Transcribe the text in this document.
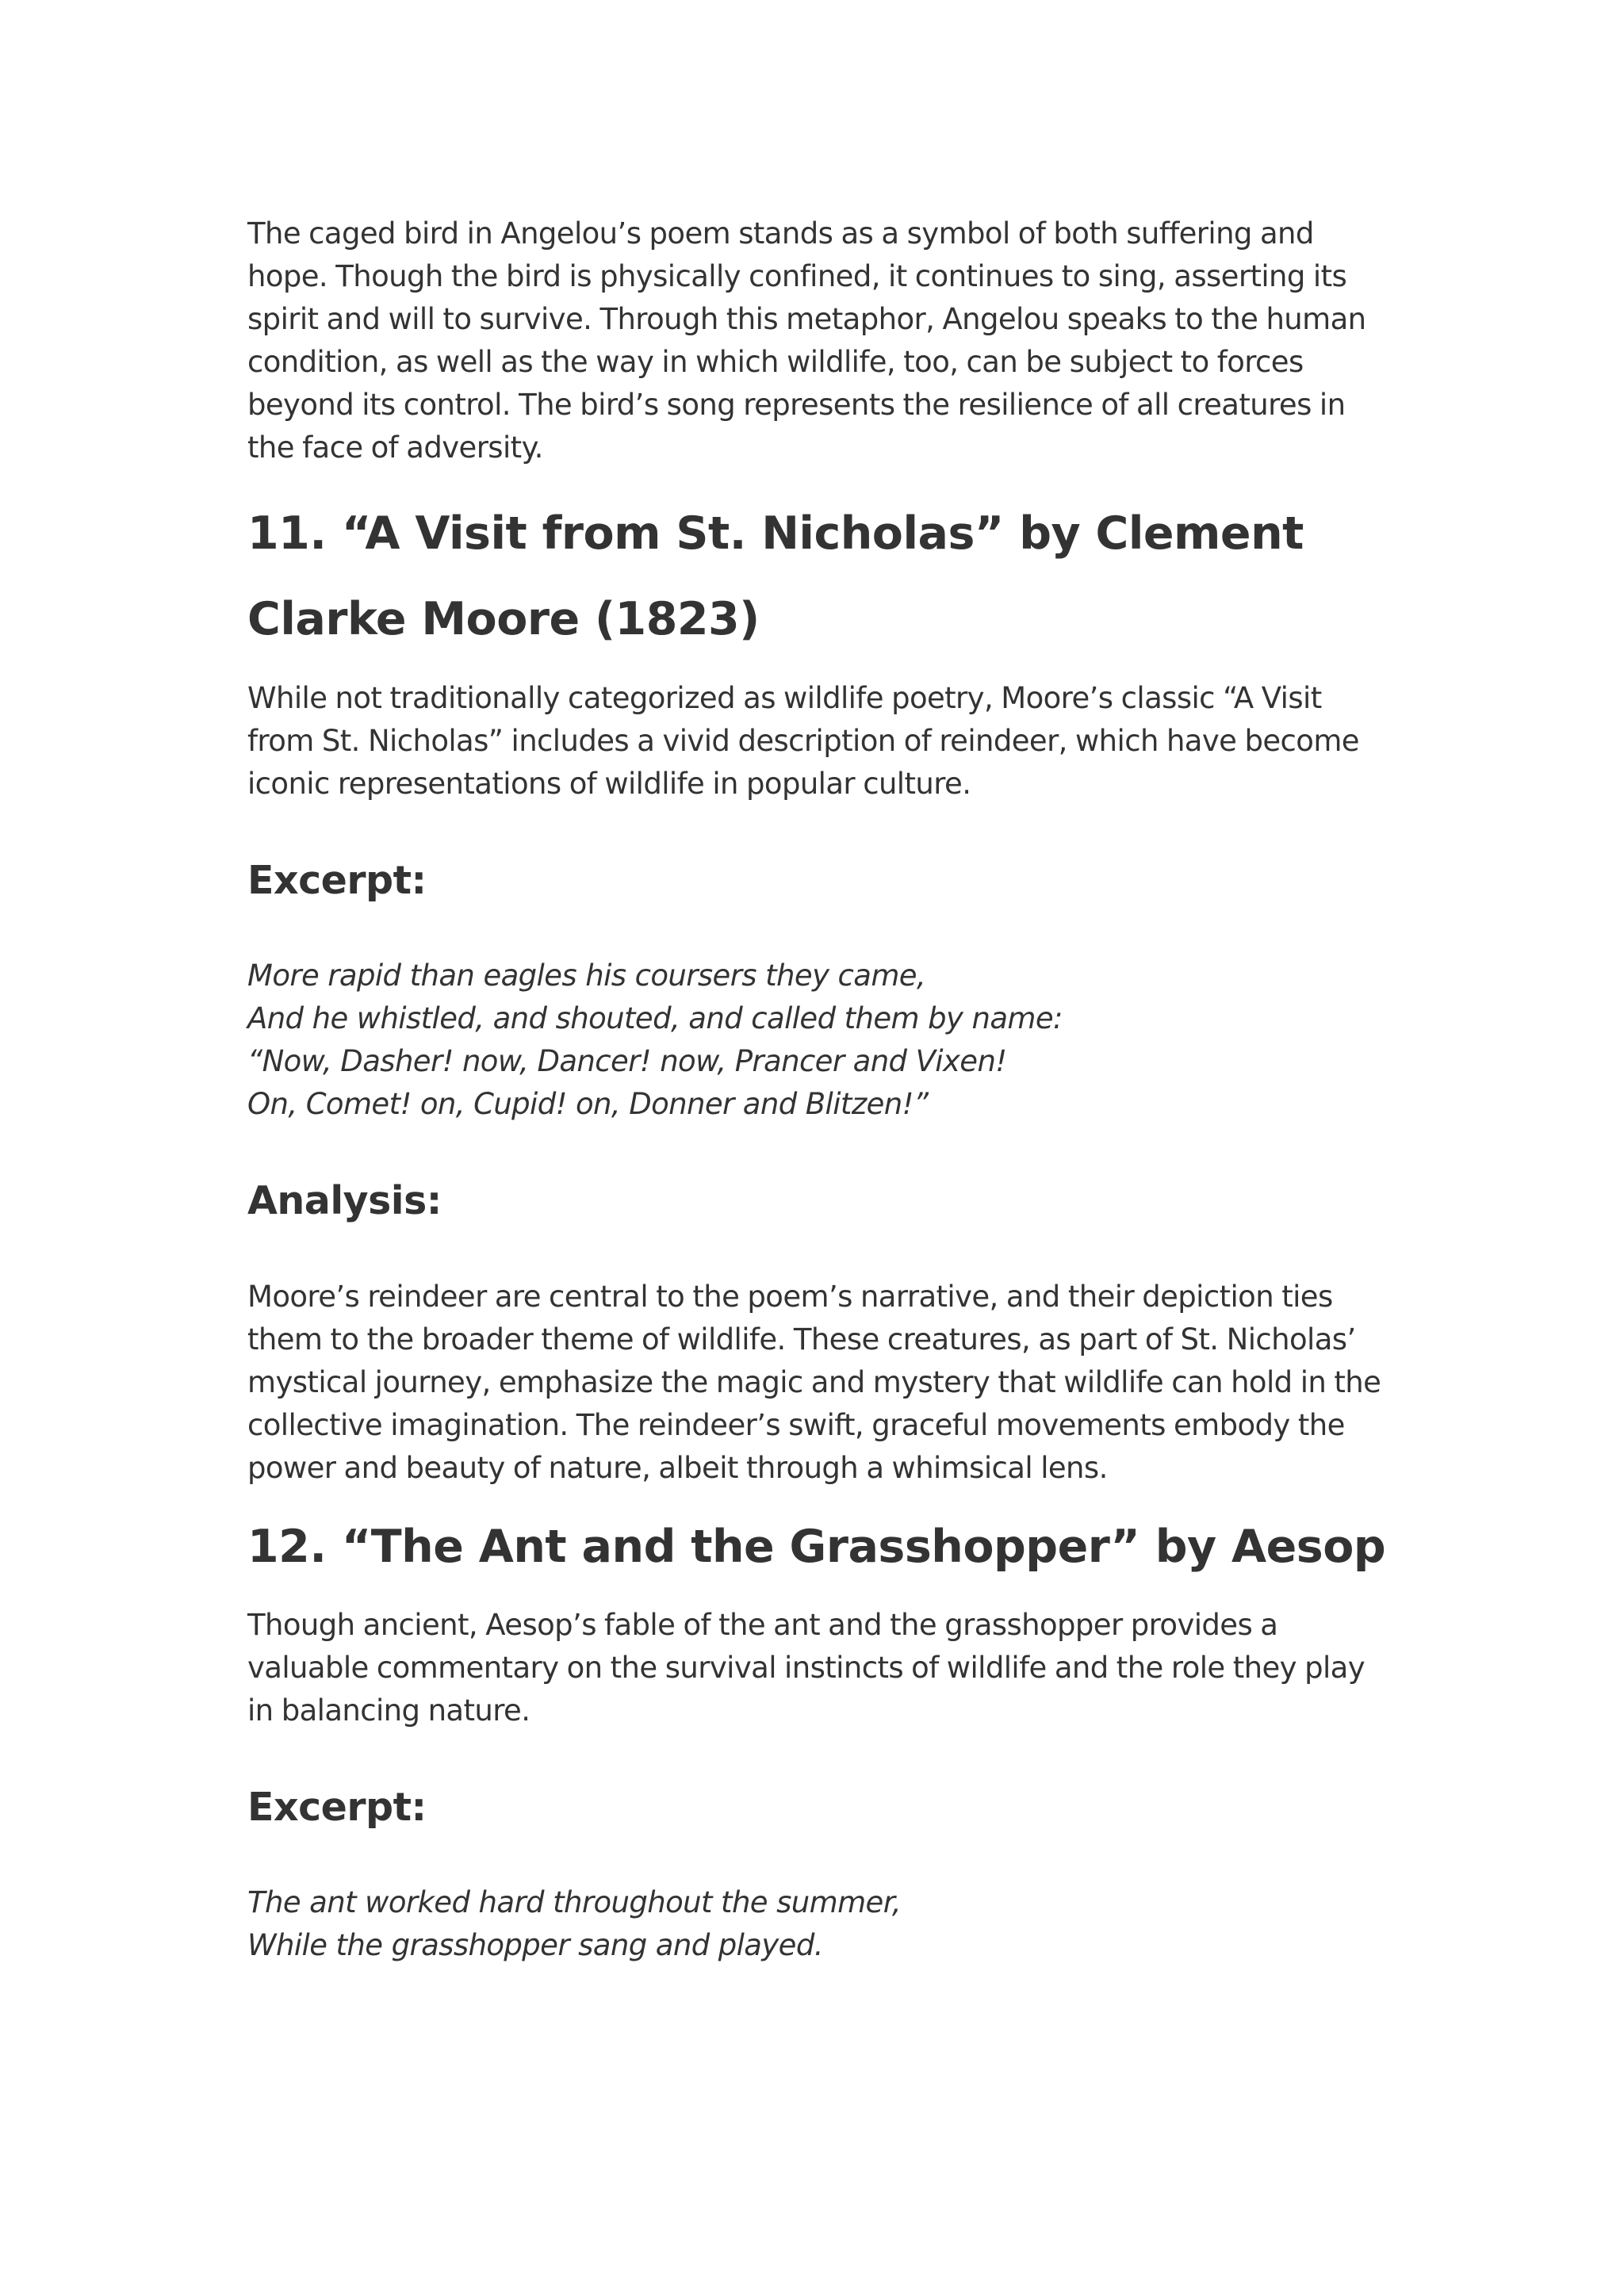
The caged bird in Angelou’s poem stands as a symbol of both suffering and hope. Though the bird is physically confined, it continues to sing, asserting its spirit and will to survive. Through this metaphor, Angelou speaks to the human condition, as well as the way in which wildlife, too, can be subject to forces beyond its control. The bird’s song represents the resilience of all creatures in the face of adversity.

11. “A Visit from St. Nicholas” by Clement Clarke Moore (1823)

While not traditionally categorized as wildlife poetry, Moore’s classic “A Visit from St. Nicholas” includes a vivid description of reindeer, which have become iconic representations of wildlife in popular culture.

Excerpt:

More rapid than eagles his coursers they came,
And he whistled, and shouted, and called them by name:
“Now, Dasher! now, Dancer! now, Prancer and Vixen!
On, Comet! on, Cupid! on, Donner and Blitzen!”

Analysis:

Moore’s reindeer are central to the poem’s narrative, and their depiction ties them to the broader theme of wildlife. These creatures, as part of St. Nicholas’ mystical journey, emphasize the magic and mystery that wildlife can hold in the collective imagination. The reindeer’s swift, graceful movements embody the power and beauty of nature, albeit through a whimsical lens.

12. “The Ant and the Grasshopper” by Aesop

Though ancient, Aesop’s fable of the ant and the grasshopper provides a valuable commentary on the survival instincts of wildlife and the role they play in balancing nature.

Excerpt:

The ant worked hard throughout the summer,
While the grasshopper sang and played.
